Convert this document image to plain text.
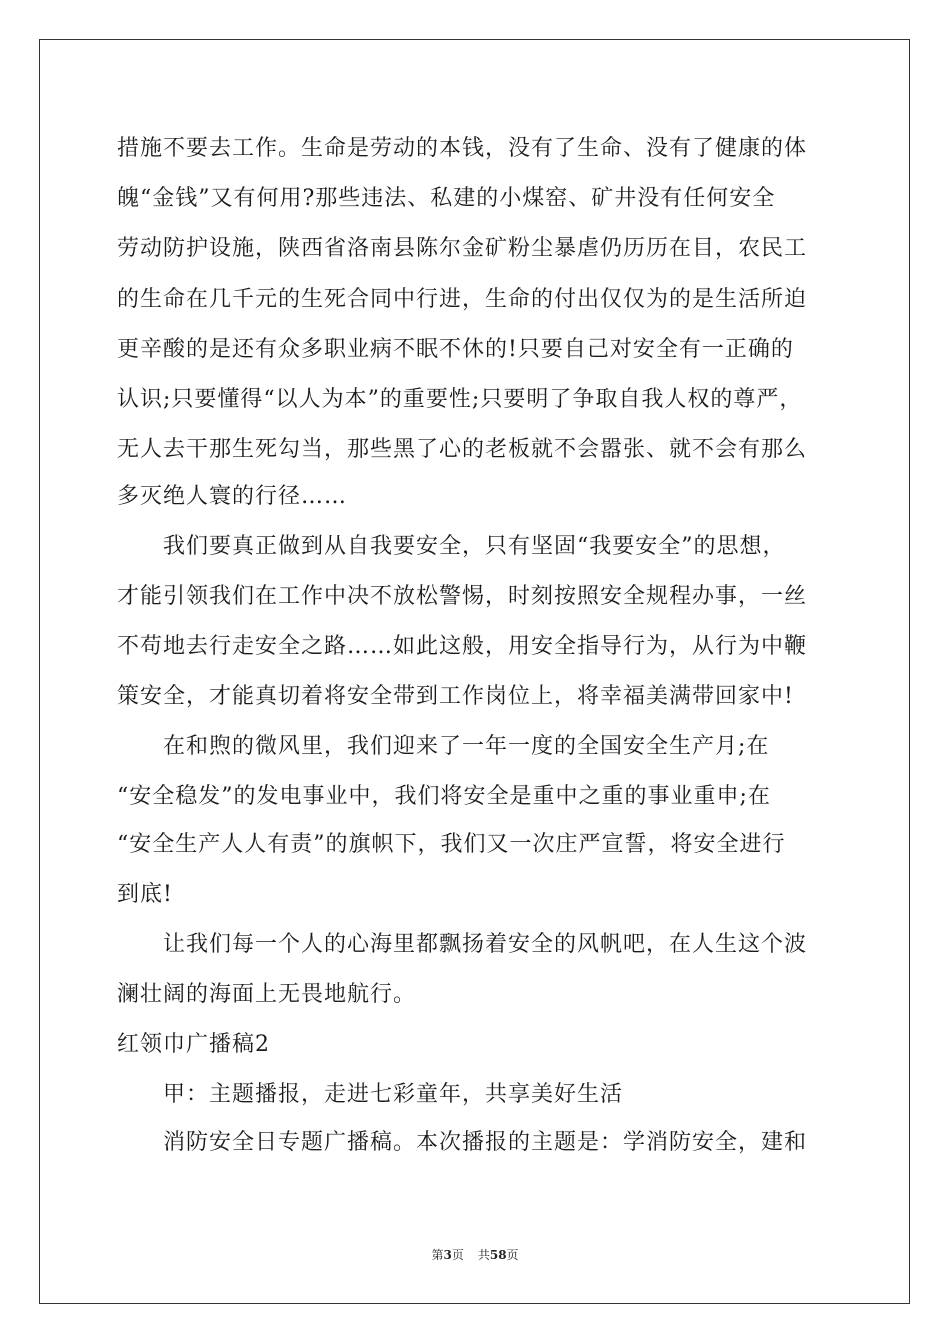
措施不要去工作。生命是劳动的本钱，没有了生命、没有了健康的体
魄“金钱”又有何用?那些违法、私建的小煤窑、矿井没有任何安全
劳动防护设施，陕西省洛南县陈尔金矿粉尘暴虐仍历历在目，农民工
的生命在几千元的生死合同中行进，生命的付出仅仅为的是生活所迫
更辛酸的是还有众多职业病不眠不休的!只要自己对安全有一正确的
认识;只要懂得“以人为本”的重要性;只要明了争取自我人权的尊严，
无人去干那生死勾当，那些黑了心的老板就不会嚣张、就不会有那么
多灭绝人寰的行径……
　　我们要真正做到从自我要安全，只有坚固“我要安全”的思想，
才能引领我们在工作中决不放松警惕，时刻按照安全规程办事，一丝
不苟地去行走安全之路……如此这般，用安全指导行为，从行为中鞭
策安全，才能真切着将安全带到工作岗位上，将幸福美满带回家中!
　　在和煦的微风里，我们迎来了一年一度的全国安全生产月;在
“安全稳发”的发电事业中，我们将安全是重中之重的事业重申;在
“安全生产人人有责”的旗帜下，我们又一次庄严宣誓，将安全进行
到底!
　　让我们每一个人的心海里都飘扬着安全的风帆吧，在人生这个波
澜壮阔的海面上无畏地航行。
红领巾广播稿2
　　甲：主题播报，走进七彩童年，共享美好生活
　　消防安全日专题广播稿。本次播报的主题是：学消防安全，建和
第3页 共58页
